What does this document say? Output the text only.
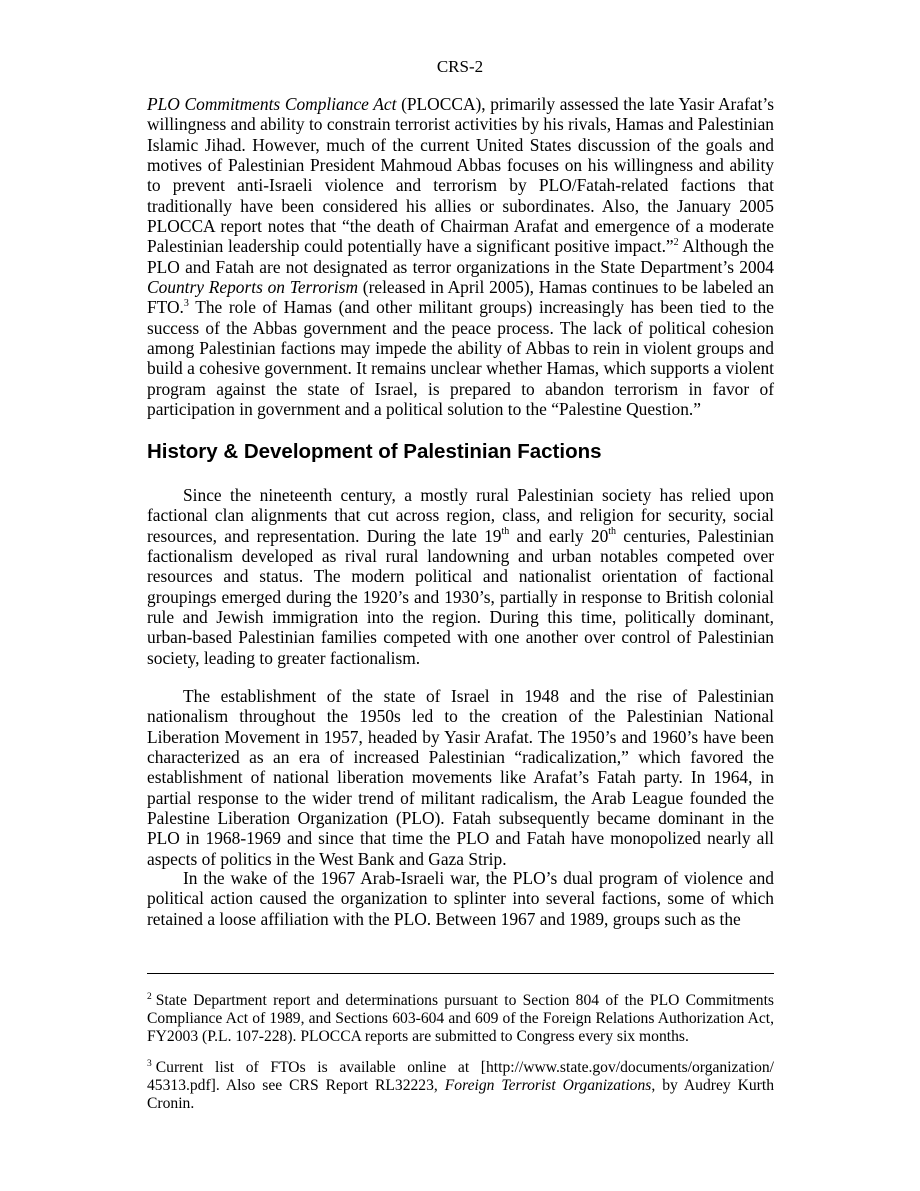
CRS-2

PLO Commitments Compliance Act (PLOCCA), primarily assessed the late Yasir Arafat’s willingness and ability to constrain terrorist activities by his rivals, Hamas and Palestinian Islamic Jihad. However, much of the current United States discussion of the goals and motives of Palestinian President Mahmoud Abbas focuses on his willingness and ability to prevent anti-Israeli violence and terrorism by PLO/Fatah-related factions that traditionally have been considered his allies or subordinates. Also, the January 2005 PLOCCA report notes that “the death of Chairman Arafat and emergence of a moderate Palestinian leadership could potentially have a significant positive impact.”$^2$ Although the PLO and Fatah are not designated as terror organizations in the State Department’s 2004 Country Reports on Terrorism (released in April 2005), Hamas continues to be labeled an FTO.$^3$ The role of Hamas (and other militant groups) increasingly has been tied to the success of the Abbas government and the peace process. The lack of political cohesion among Palestinian factions may impede the ability of Abbas to rein in violent groups and build a cohesive government. It remains unclear whether Hamas, which supports a violent program against the state of Israel, is prepared to abandon terrorism in favor of participation in government and a political solution to the “Palestine Question.”

History & Development of Palestinian Factions

Since the nineteenth century, a mostly rural Palestinian society has relied upon factional clan alignments that cut across region, class, and religion for security, social resources, and representation. During the late 19th and early 20th centuries, Palestinian factionalism developed as rival rural landowning and urban notables competed over resources and status. The modern political and nationalist orientation of factional groupings emerged during the 1920’s and 1930’s, partially in response to British colonial rule and Jewish immigration into the region. During this time, politically dominant, urban-based Palestinian families competed with one another over control of Palestinian society, leading to greater factionalism.

The establishment of the state of Israel in 1948 and the rise of Palestinian nationalism throughout the 1950s led to the creation of the Palestinian National Liberation Movement in 1957, headed by Yasir Arafat. The 1950’s and 1960’s have been characterized as an era of increased Palestinian “radicalization,” which favored the establishment of national liberation movements like Arafat’s Fatah party. In 1964, in partial response to the wider trend of militant radicalism, the Arab League founded the Palestine Liberation Organization (PLO). Fatah subsequently became dominant in the PLO in 1968-1969 and since that time the PLO and Fatah have monopolized nearly all aspects of politics in the West Bank and Gaza Strip.

In the wake of the 1967 Arab-Israeli war, the PLO’s dual program of violence and political action caused the organization to splinter into several factions, some of which retained a loose affiliation with the PLO. Between 1967 and 1989, groups such as the

$^2$ State Department report and determinations pursuant to Section 804 of the PLO Commitments Compliance Act of 1989, and Sections 603-604 and 609 of the Foreign Relations Authorization Act, FY2003 (P.L. 107-228). PLOCCA reports are submitted to Congress every six months.

$^3$ Current list of FTOs is available online at [http://www.state.gov/documents/organization/ 45313.pdf]. Also see CRS Report RL32223, Foreign Terrorist Organizations, by Audrey Kurth Cronin.
